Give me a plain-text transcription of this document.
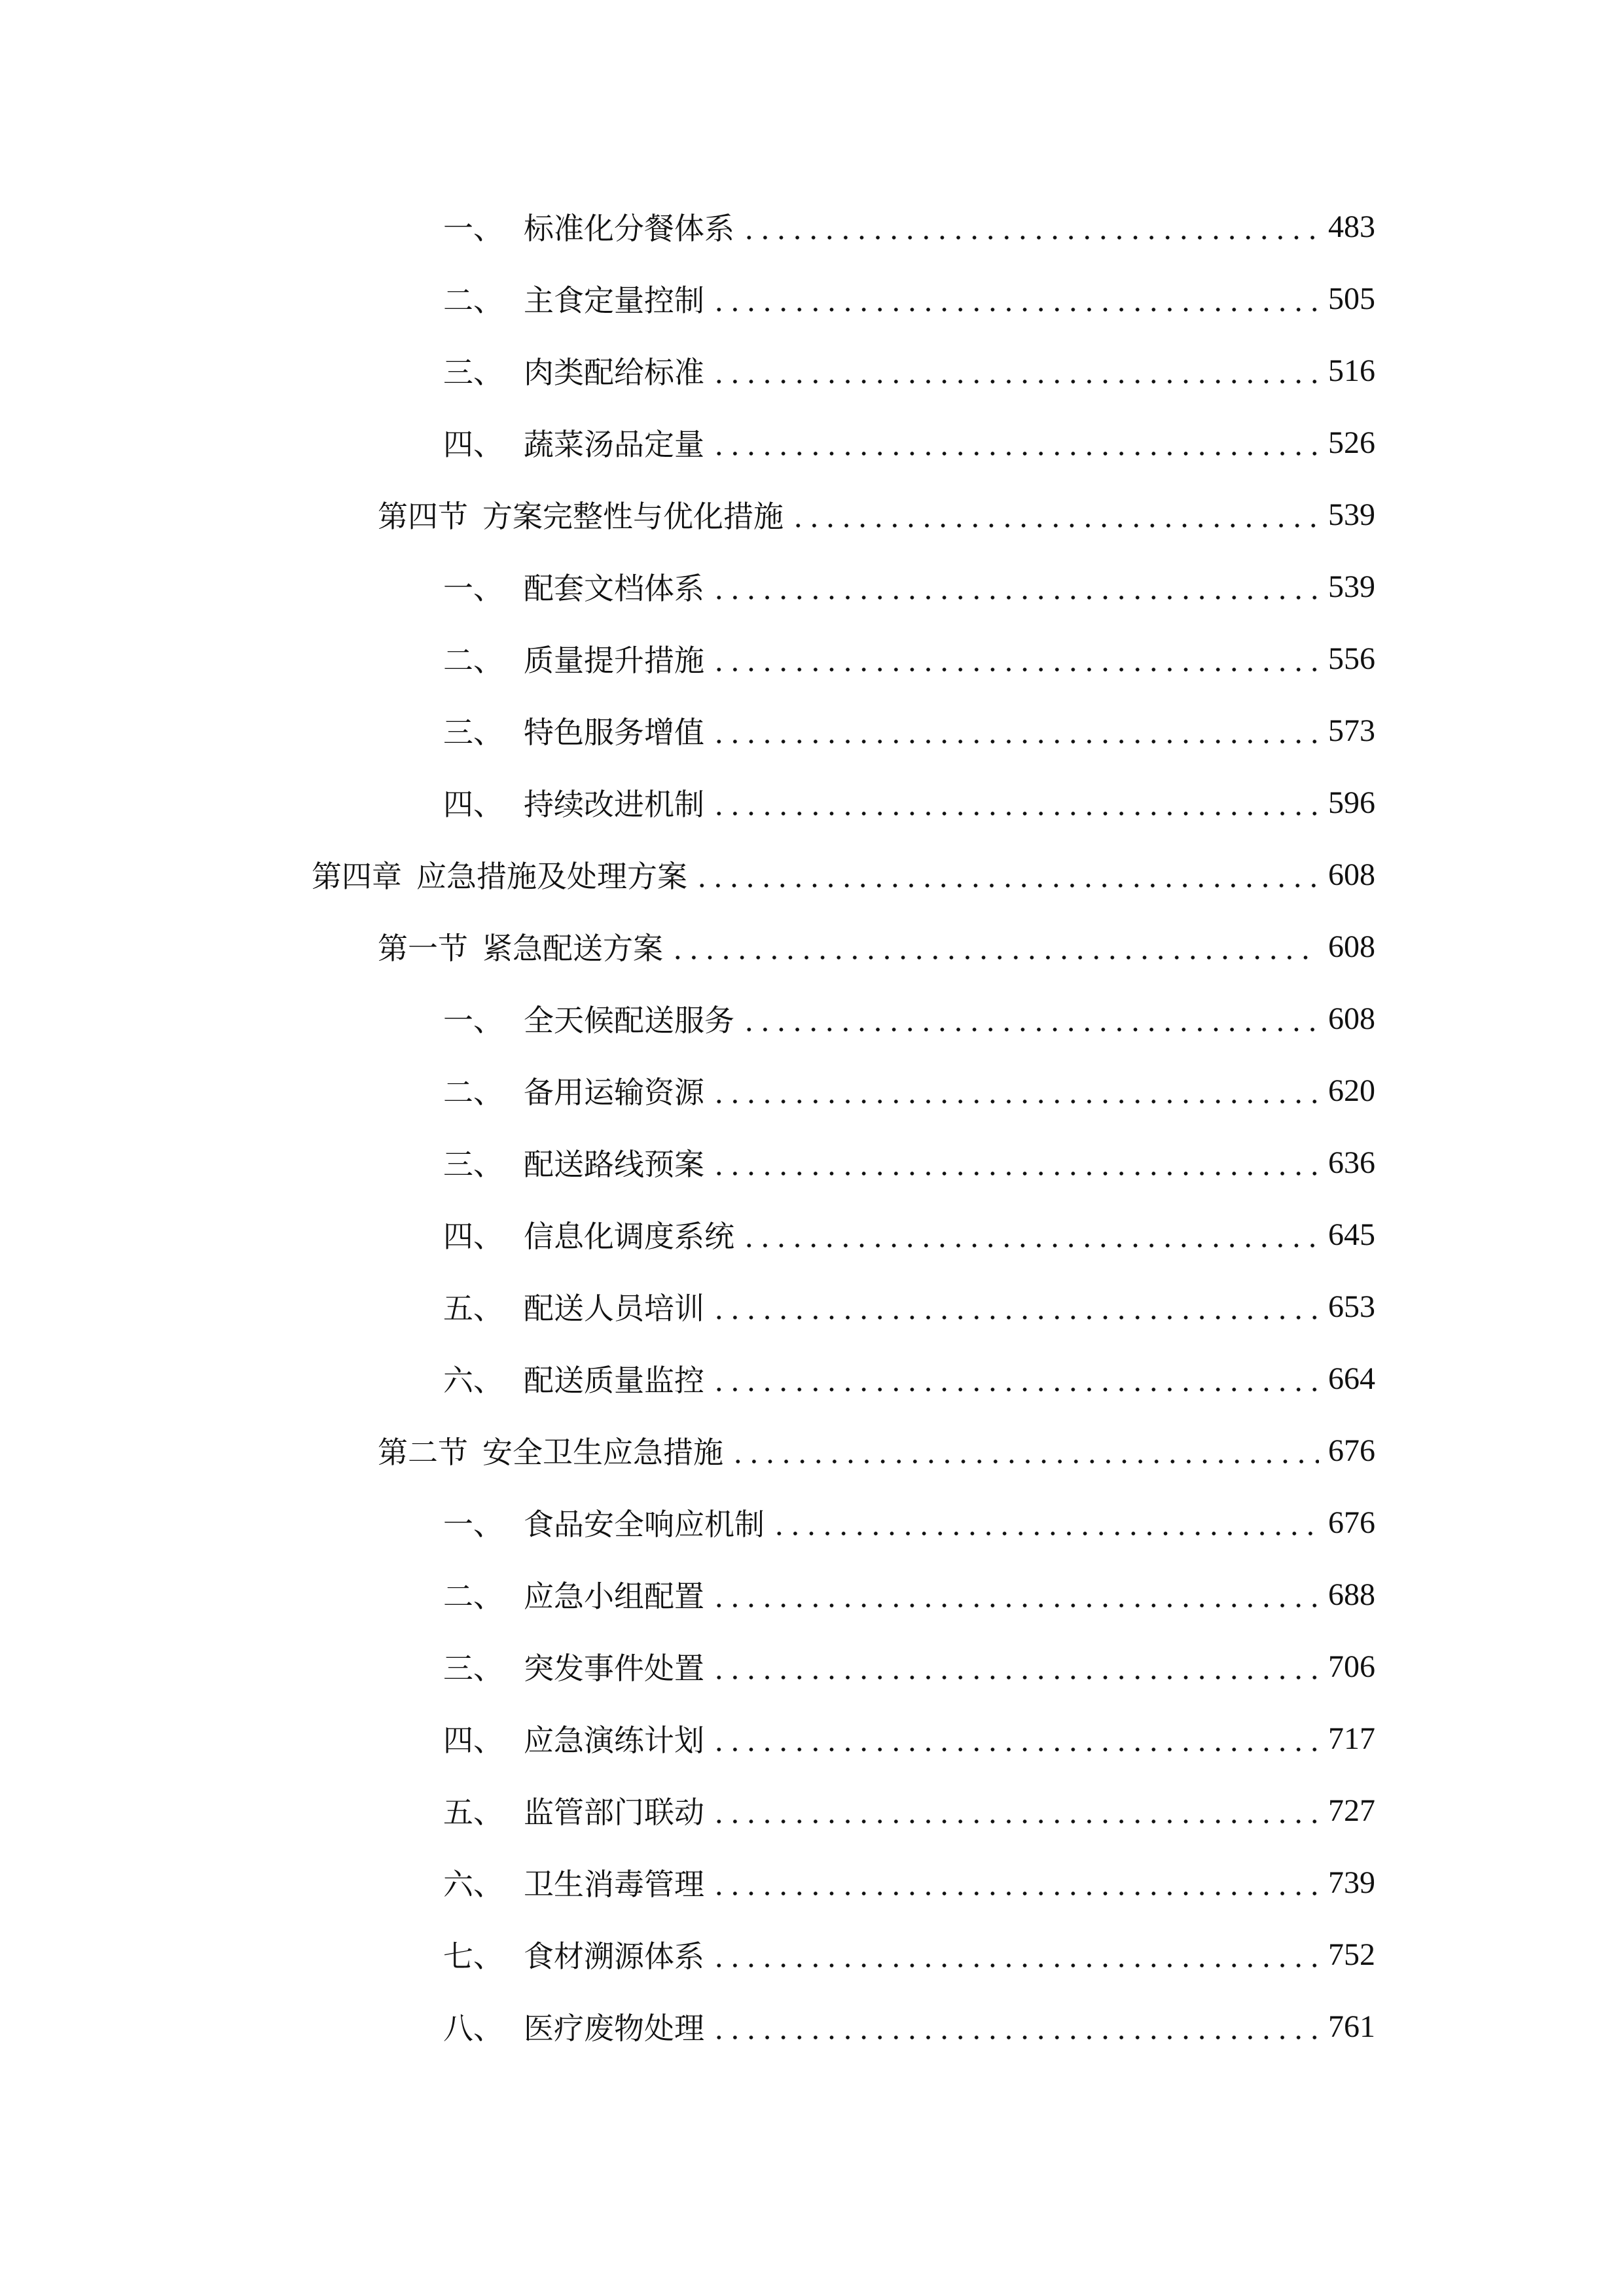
一、 标准化分餐体系	483
二、 主食定量控制	505
三、 肉类配给标准	516
四、 蔬菜汤品定量	526
第四节 方案完整性与优化措施	539
一、 配套文档体系	539
二、 质量提升措施	556
三、 特色服务增值	573
四、 持续改进机制	596
第四章 应急措施及处理方案	608
第一节 紧急配送方案	608
一、 全天候配送服务	608
二、 备用运输资源	620
三、 配送路线预案	636
四、 信息化调度系统	645
五、 配送人员培训	653
六、 配送质量监控	664
第二节 安全卫生应急措施	676
一、 食品安全响应机制	676
二、 应急小组配置	688
三、 突发事件处置	706
四、 应急演练计划	717
五、 监管部门联动	727
六、 卫生消毒管理	739
七、 食材溯源体系	752
八、 医疗废物处理	761
